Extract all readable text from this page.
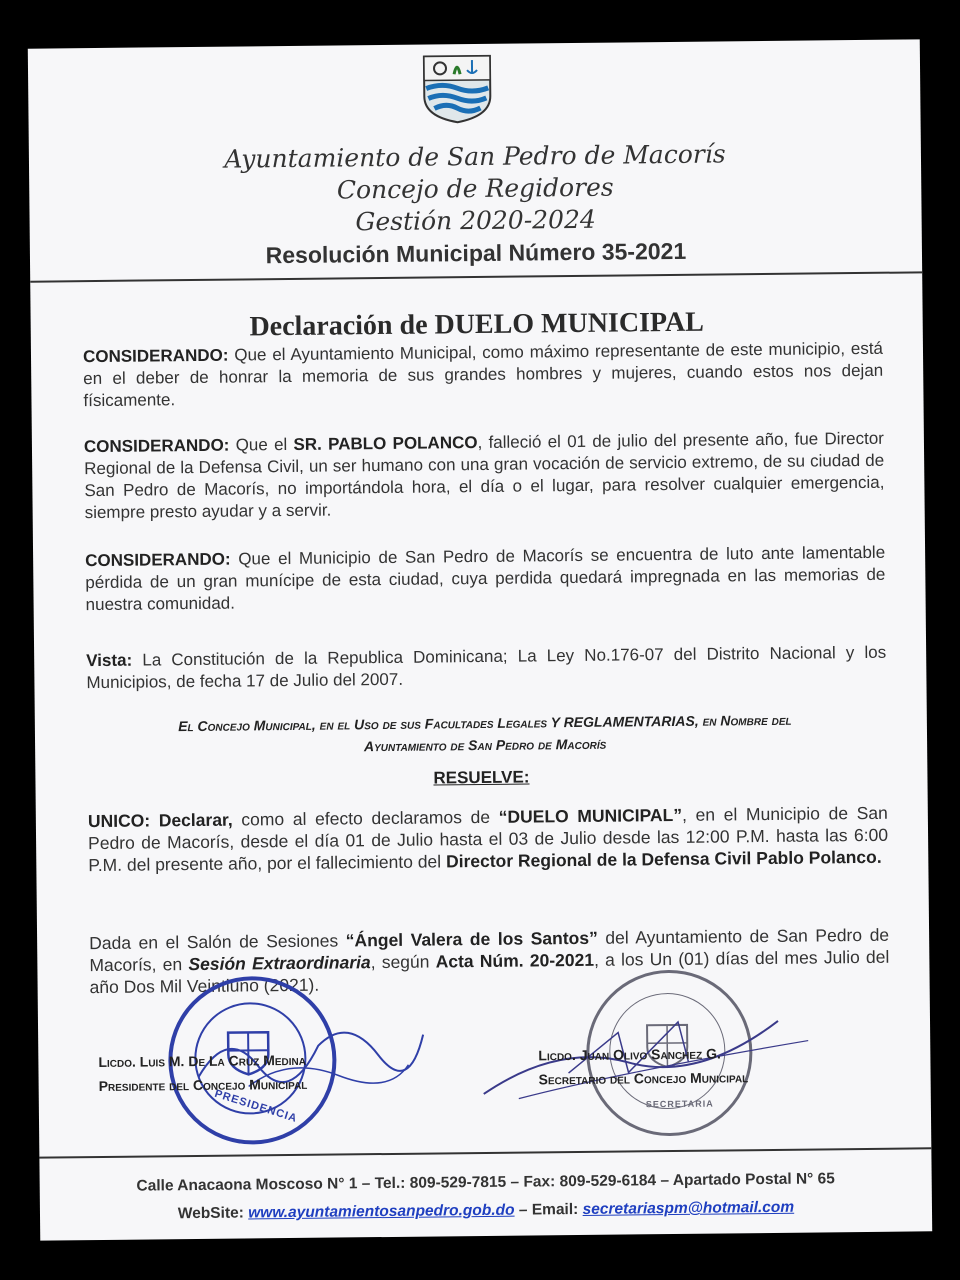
Ayuntamiento de San Pedro de Macorís
Concejo de Regidores
Gestión 2020-2024
Resolución Municipal Número 35-2021
Declaración de DUELO MUNICIPAL
CONSIDERANDO: Que el Ayuntamiento Municipal, como máximo representante de este municipio, está en el deber de honrar la memoria de sus grandes hombres y mujeres, cuando estos nos dejan físicamente.
CONSIDERANDO: Que el SR. PABLO POLANCO, falleció el 01 de julio del presente año, fue Director Regional de la Defensa Civil, un ser humano con una gran vocación de servicio extremo, de su ciudad de San Pedro de Macorís, no importándola hora, el día o el lugar, para resolver cualquier emergencia, siempre presto ayudar y a servir.
CONSIDERANDO: Que el Municipio de San Pedro de Macorís se encuentra de luto ante lamentable pérdida de un gran munícipe de esta ciudad, cuya perdida quedará impregnada en las memorias de nuestra comunidad.
Vista: La Constitución de la Republica Dominicana; La Ley No.176-07 del Distrito Nacional y los Municipios, de fecha 17 de Julio del 2007.
El Concejo Municipal, en el Uso de sus Facultades Legales Y REGLAMENTARIAS, en Nombre del
Ayuntamiento de San Pedro de Macorís
RESUELVE:
UNICO: Declarar, como al efecto declaramos de “DUELO MUNICIPAL”, en el Municipio de San Pedro de Macorís, desde el día 01 de Julio hasta el 03 de Julio desde las 12:00 P.M. hasta las 6:00 P.M. del presente año, por el fallecimiento del Director Regional de la Defensa Civil Pablo Polanco.
Dada en el Salón de Sesiones “Ángel Valera de los Santos” del Ayuntamiento de San Pedro de Macorís, en Sesión Extraordinaria, según Acta Núm. 20-2021, a los Un (01) días del mes Julio del año Dos Mil Veintiuno (2021).
PRESIDENCIA	SECRETARIA
Licdo. Luis M. De La Cruz Medina
Presidente del Concejo Municipal
Licdo. Juan Olivo Sanchez G.
Secretario del Concejo Municipal
Calle Anacaona Moscoso N° 1 – Tel.: 809-529-7815 – Fax: 809-529-6184 – Apartado Postal N° 65
WebSite: www.ayuntamientosanpedro.gob.do – Email: secretariaspm@hotmail.com
